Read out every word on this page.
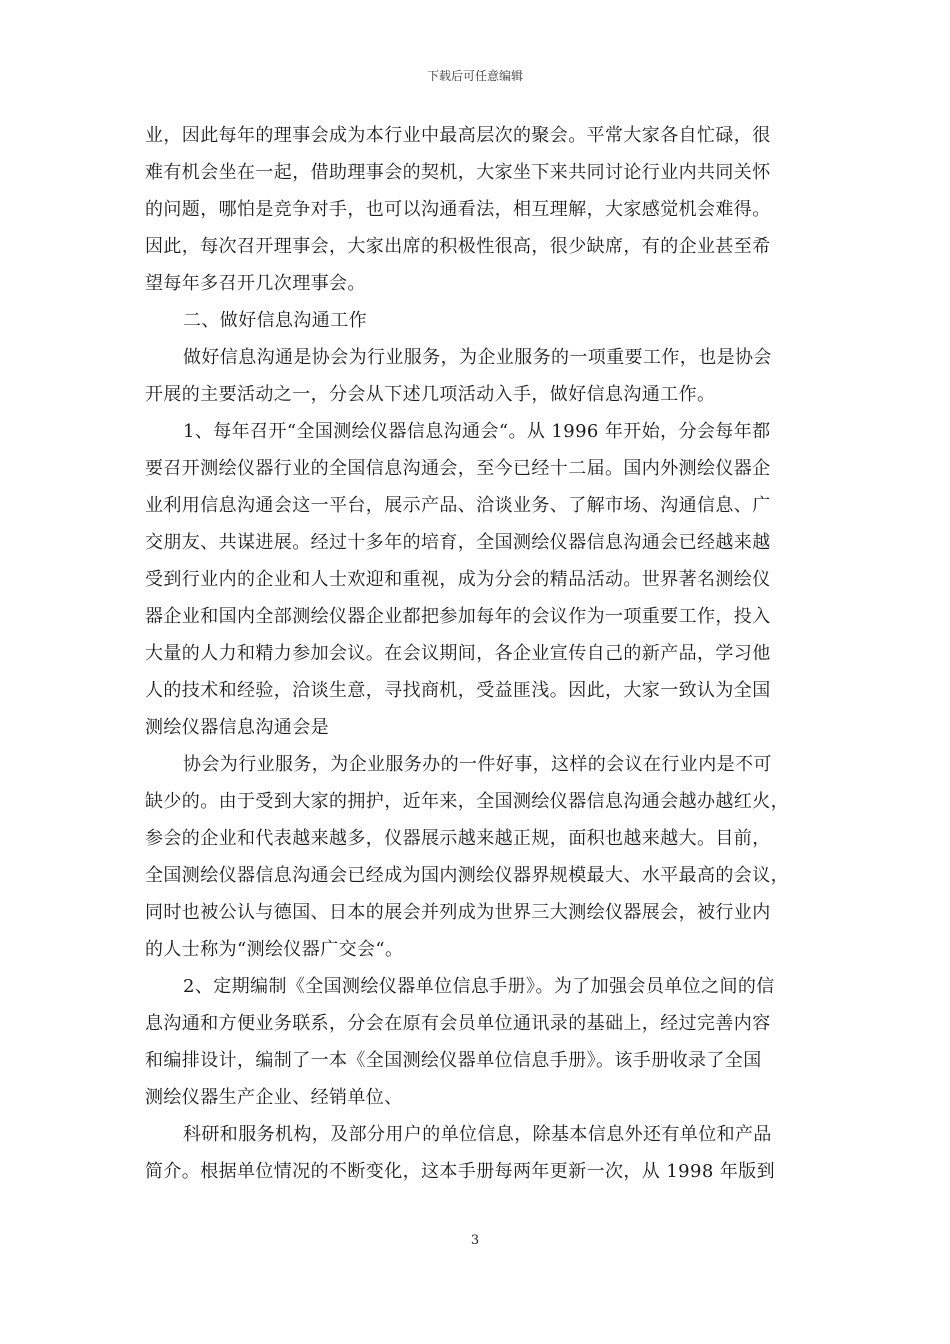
下载后可任意编辑

业，因此每年的理事会成为本行业中最高层次的聚会。平常大家各自忙碌，很
难有机会坐在一起，借助理事会的契机，大家坐下来共同讨论行业内共同关怀
的问题，哪怕是竞争对手，也可以沟通看法，相互理解，大家感觉机会难得。
因此，每次召开理事会，大家出席的积极性很高，很少缺席，有的企业甚至希
望每年多召开几次理事会。

二、做好信息沟通工作

做好信息沟通是协会为行业服务，为企业服务的一项重要工作，也是协会
开展的主要活动之一，分会从下述几项活动入手，做好信息沟通工作。

1、每年召开“全国测绘仪器信息沟通会“。从 1996 年开始，分会每年都
要召开测绘仪器行业的全国信息沟通会，至今已经十二届。国内外测绘仪器企
业利用信息沟通会这一平台，展示产品、洽谈业务、了解市场、沟通信息、广
交朋友、共谋进展。经过十多年的培育，全国测绘仪器信息沟通会已经越来越
受到行业内的企业和人士欢迎和重视，成为分会的精品活动。世界著名测绘仪
器企业和国内全部测绘仪器企业都把参加每年的会议作为一项重要工作，投入
大量的人力和精力参加会议。在会议期间，各企业宣传自己的新产品，学习他
人的技术和经验，洽谈生意，寻找商机，受益匪浅。因此，大家一致认为全国
测绘仪器信息沟通会是

协会为行业服务，为企业服务办的一件好事，这样的会议在行业内是不可
缺少的。由于受到大家的拥护，近年来，全国测绘仪器信息沟通会越办越红火，
参会的企业和代表越来越多，仪器展示越来越正规，面积也越来越大。目前，
全国测绘仪器信息沟通会已经成为国内测绘仪器界规模最大、水平最高的会议，
同时也被公认与德国、日本的展会并列成为世界三大测绘仪器展会，被行业内
的人士称为“测绘仪器广交会“。

2、定期编制《全国测绘仪器单位信息手册》。为了加强会员单位之间的信
息沟通和方便业务联系，分会在原有会员单位通讯录的基础上，经过完善内容
和编排设计，编制了一本《全国测绘仪器单位信息手册》。该手册收录了全国
测绘仪器生产企业、经销单位、

科研和服务机构，及部分用户的单位信息，除基本信息外还有单位和产品
简介。根据单位情况的不断变化，这本手册每两年更新一次，从 1998 年版到

3
